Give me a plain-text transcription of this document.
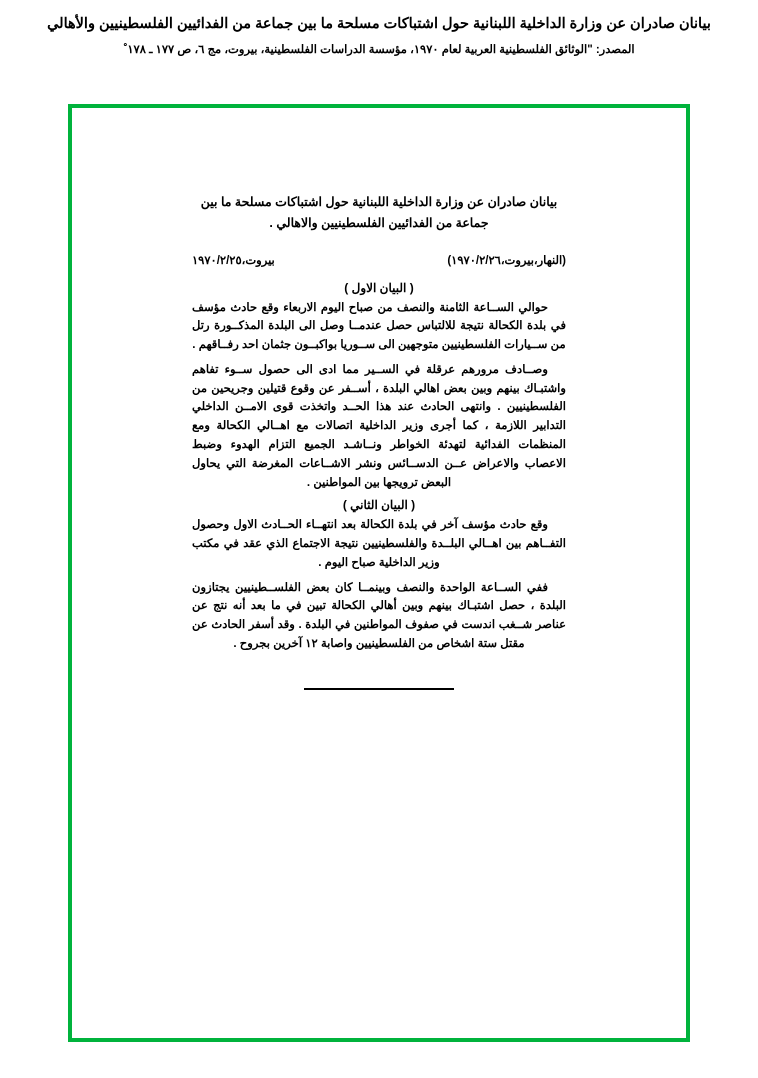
بيانان صادران عن وزارة الداخلية اللبنانية حول اشتباكات مسلحة ما بين جماعة من الفدائيين الفلسطينيين والأهالي
المصدر: "الوثائق الفلسطينية العربية لعام ١٩٧٠، مؤسسة الدراسات الفلسطينية، بيروت، مج ٦، ص ١٧٧ ـ ١٧٨ ْ
بيانان صادران عن وزارة الداخلية اللبنانية حول اشتباكات مسلحة ما بين جماعة من الفدائيين الفلسطينيين والاهالي .
بيروت،١٩٧٠/٢/٢٥	(النهار،بيروت،١٩٧٠/٢/٢٦)
( البيان الاول )

حوالي الســاعة الثامنة والنصف من صباح اليوم الاربعاء وقع حادث مؤسف في بلدة الكحالة نتيجة للالتباس حصل عندمــا وصل الى البلدة المذكــورة رتل من ســيارات الفلسطينيين متوجهين الى ســوريا بواكبــون جثمان احد رفــاقهم .

وصــادف مرورهم عرقلة في الســير مما ادى الى حصول ســوء تفاهم واشتبـاك بينهم وبين بعض اهالي البلدة ، أســفر عن وقوع قتيلين وجريحين من الفلسطينيين . وانتهى الحادث عند هذا الحــد واتخذت قوى الامــن الداخلي التدابير اللازمة ، كما أجرى وزير الداخلية اتصالات مع اهــالي الكحالة ومع المنظمات الفدائية لتهدئة الخواطر ونــاشـد الجميع التزام الهدوء وضبط الاعصاب والاعراض عــن الدســائس ونشر الاشــاعات المغرضة التي يحاول البعض ترويجها بين المواطنين .

( البيان الثاني )

وقع حادث مؤسف آخر في بلدة الكحالة بعد انتهــاء الحــادث الاول وحصول التفــاهم بين اهــالي البلــدة والفلسطينيين نتيجة الاجتماع الذي عقد في مكتب وزير الداخلية صباح اليوم .

ففي الســاعة الواحدة والنصف وبينمــا كان بعض الفلســطينيين يجتازون البلدة ، حصل اشتبـاك بينهم وبين أهالي الكحالة تبين في ما بعد أنه نتج عن عناصر شــغب اندست في صفوف المواطنين في البلدة . وقد أسفر الحادث عن مقتل ستة اشخاص من الفلسطينيين واصابة ١٢ آخرين بجروح .
